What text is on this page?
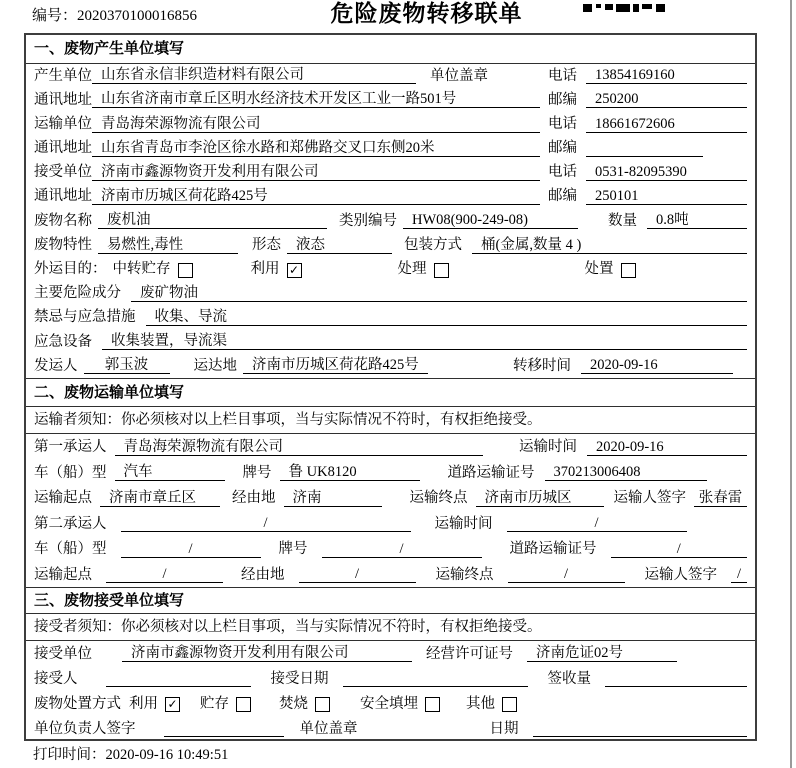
编号：2020370100016856	危险废物转移联单
一、废物产生单位填写
产生单位 山东省永信非织造材料有限公司	单位盖章	电话	13854169160
通讯地址 山东省济南市章丘区明水经济技术开发区工业一路501号	邮编	250200
运输单位 青岛海荣源物流有限公司	电话	18661672606
通讯地址 山东省青岛市李沧区徐水路和郑佛路交叉口东侧20米	邮编
接受单位 济南市鑫源物资开发利用有限公司	电话	0531-82095390
通讯地址 济南市历城区荷花路425号	邮编	250101
废物名称	废机油	类别编号	HW08(900-249-08)	数量	0.8吨
废物特性	易燃性,毒性	形态	液态	包装方式	桶(金属,数量 4 )
外运目的： 中转贮存	利用 ✓	处理	处置
主要危险成分	废矿物油
禁忌与应急措施	收集、导流
应急设备	收集装置，导流渠
发运人	郭玉波	运达地	济南市历城区荷花路425号	转移时间	2020-09-16
二、废物运输单位填写
运输者须知：你必须核对以上栏目事项，当与实际情况不符时，有权拒绝接受。
第一承运人	青岛海荣源物流有限公司	运输时间	2020-09-16
车（船）型	汽车	牌号	鲁 UK8120	道路运输证号	370213006408
运输起点	济南市章丘区	经由地	济南	运输终点	济南市历城区	运输人签字 张春雷
第二承运人	/	运输时间	/
车（船）型	/	牌号	/	道路运输证号	/
运输起点	/	经由地	/	运输终点	/	运输人签字	/
三、废物接受单位填写
接受者须知：你必须核对以上栏目事项，当与实际情况不符时，有权拒绝接受。
接受单位	济南市鑫源物资开发利用有限公司	经营许可证号	济南危证02号
接受人	接受日期	签收量
废物处置方式 利用 ✓ 贮存	焚烧	安全填埋	其他
单位负责人签字	单位盖章	日期
打印时间：2020-09-16 10:49:51
